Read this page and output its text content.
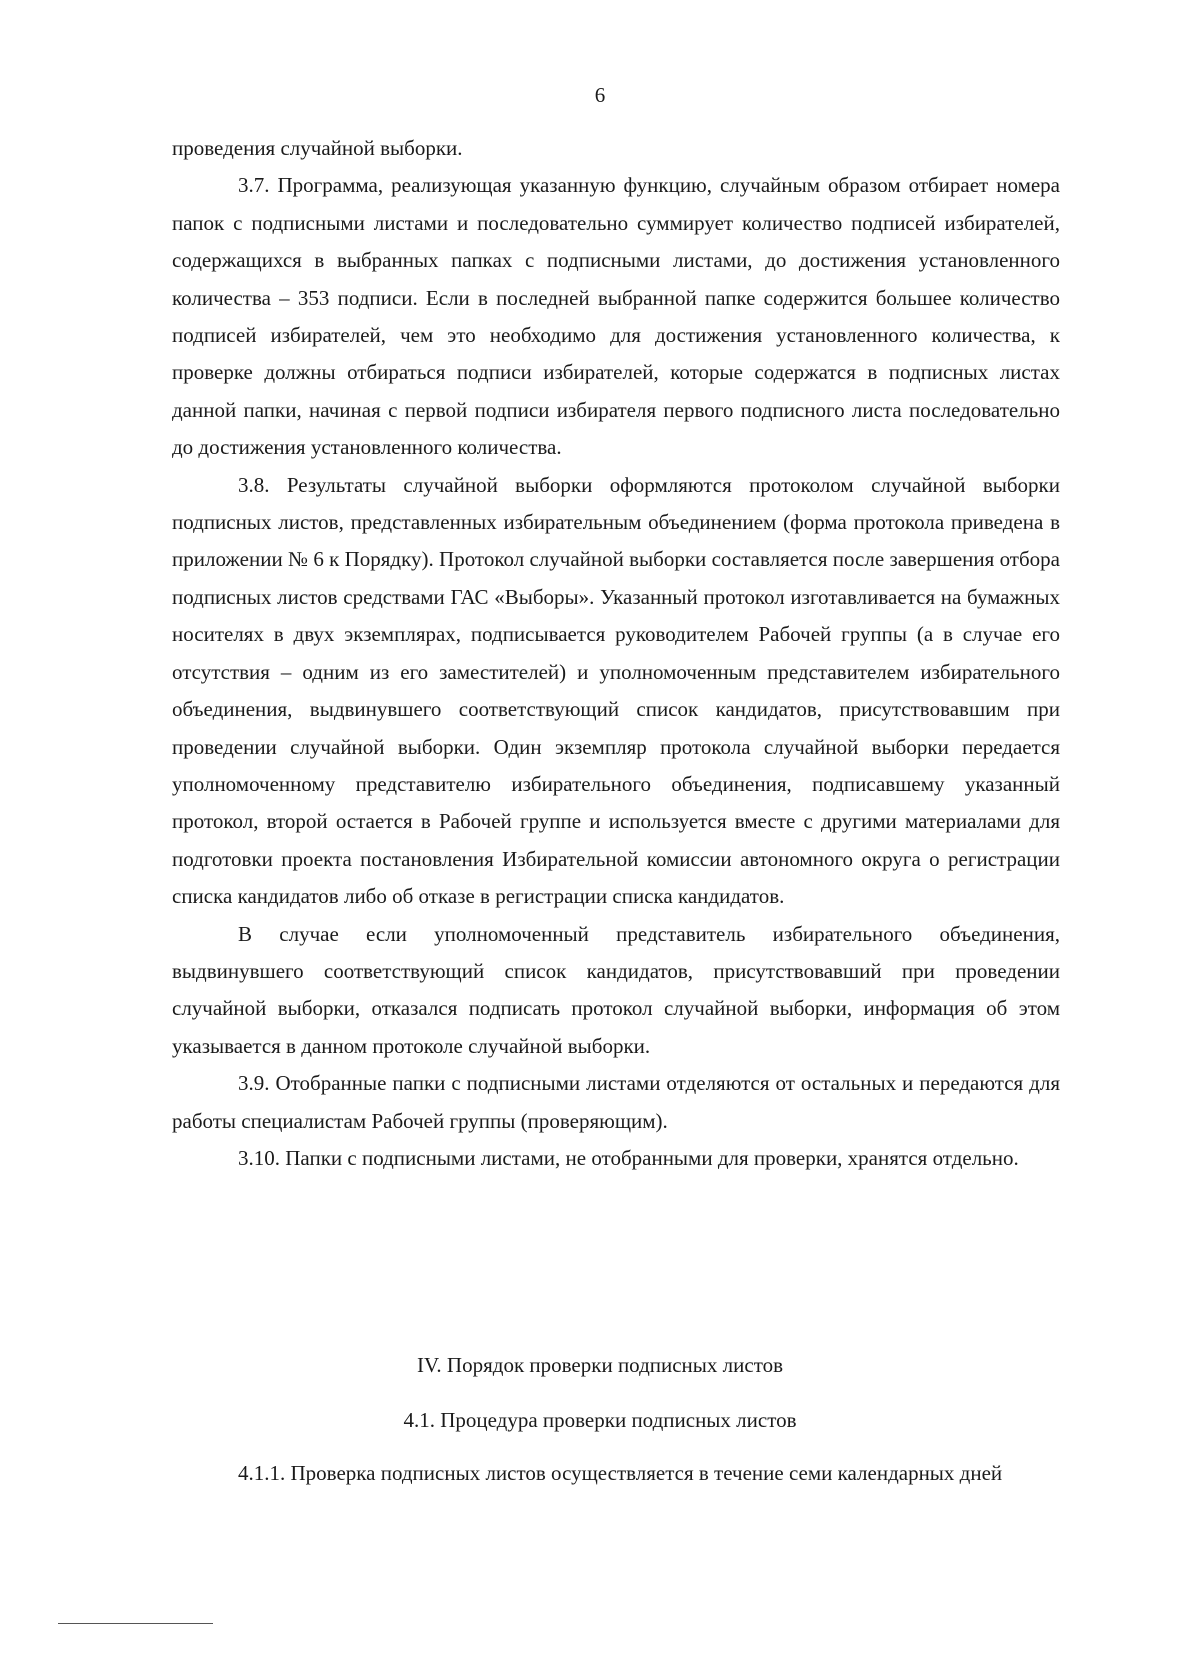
6

проведения случайной выборки.

3.7. Программа, реализующая указанную функцию, случайным образом отбирает номера папок с подписными листами и последовательно суммирует количество подписей избирателей, содержащихся в выбранных папках с подписными листами, до достижения установленного количества – 353 подписи. Если в последней выбранной папке содержится большее количество подписей избирателей, чем это необходимо для достижения установленного количества, к проверке должны отбираться подписи избирателей, которые содержатся в подписных листах данной папки, начиная с первой подписи избирателя первого подписного листа последовательно до достижения установленного количества.

3.8. Результаты случайной выборки оформляются протоколом случайной выборки подписных листов, представленных избирательным объединением (форма протокола приведена в приложении № 6 к Порядку). Протокол случайной выборки составляется после завершения отбора подписных листов средствами ГАС «Выборы». Указанный протокол изготавливается на бумажных носителях в двух экземплярах, подписывается руководителем Рабочей группы (а в случае его отсутствия – одним из его заместителей) и уполномоченным представителем избирательного объединения, выдвинувшего соответствующий список кандидатов, присутствовавшим при проведении случайной выборки. Один экземпляр протокола случайной выборки передается уполномоченному представителю избирательного объединения, подписавшему указанный протокол, второй остается в Рабочей группе и используется вместе с другими материалами для подготовки проекта постановления Избирательной комиссии автономного округа о регистрации списка кандидатов либо об отказе в регистрации списка кандидатов.

В случае если уполномоченный представитель избирательного объединения, выдвинувшего соответствующий список кандидатов, присутствовавший при проведении случайной выборки, отказался подписать протокол случайной выборки, информация об этом указывается в данном протоколе случайной выборки.

3.9. Отобранные папки с подписными листами отделяются от остальных и передаются для работы специалистам Рабочей группы (проверяющим).

3.10. Папки с подписными листами, не отобранными для проверки, хранятся отдельно.

IV. Порядок проверки подписных листов
4.1. Процедура проверки подписных листов
4.1.1. Проверка подписных листов осуществляется в течение семи календарных дней
